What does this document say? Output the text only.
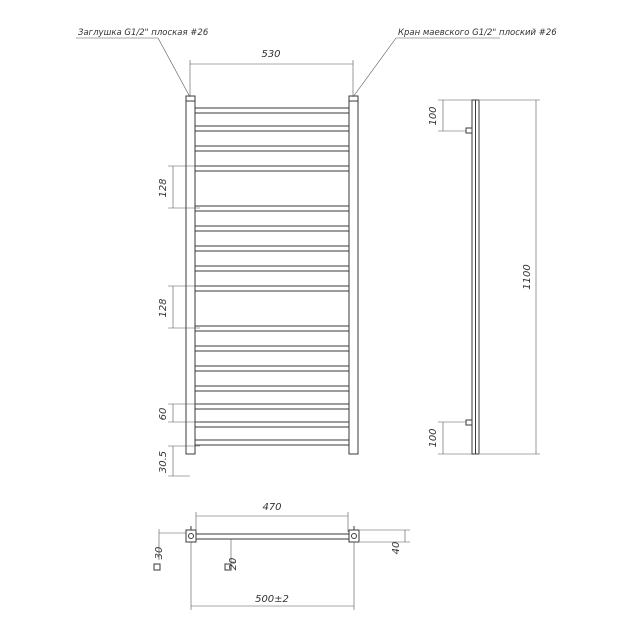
530
Заглушка G1/2" плоская #26	Кран маевского G1/2" плоский #26
128
128
60
30.5
1100
100
100
470
500±2
40
30
20
